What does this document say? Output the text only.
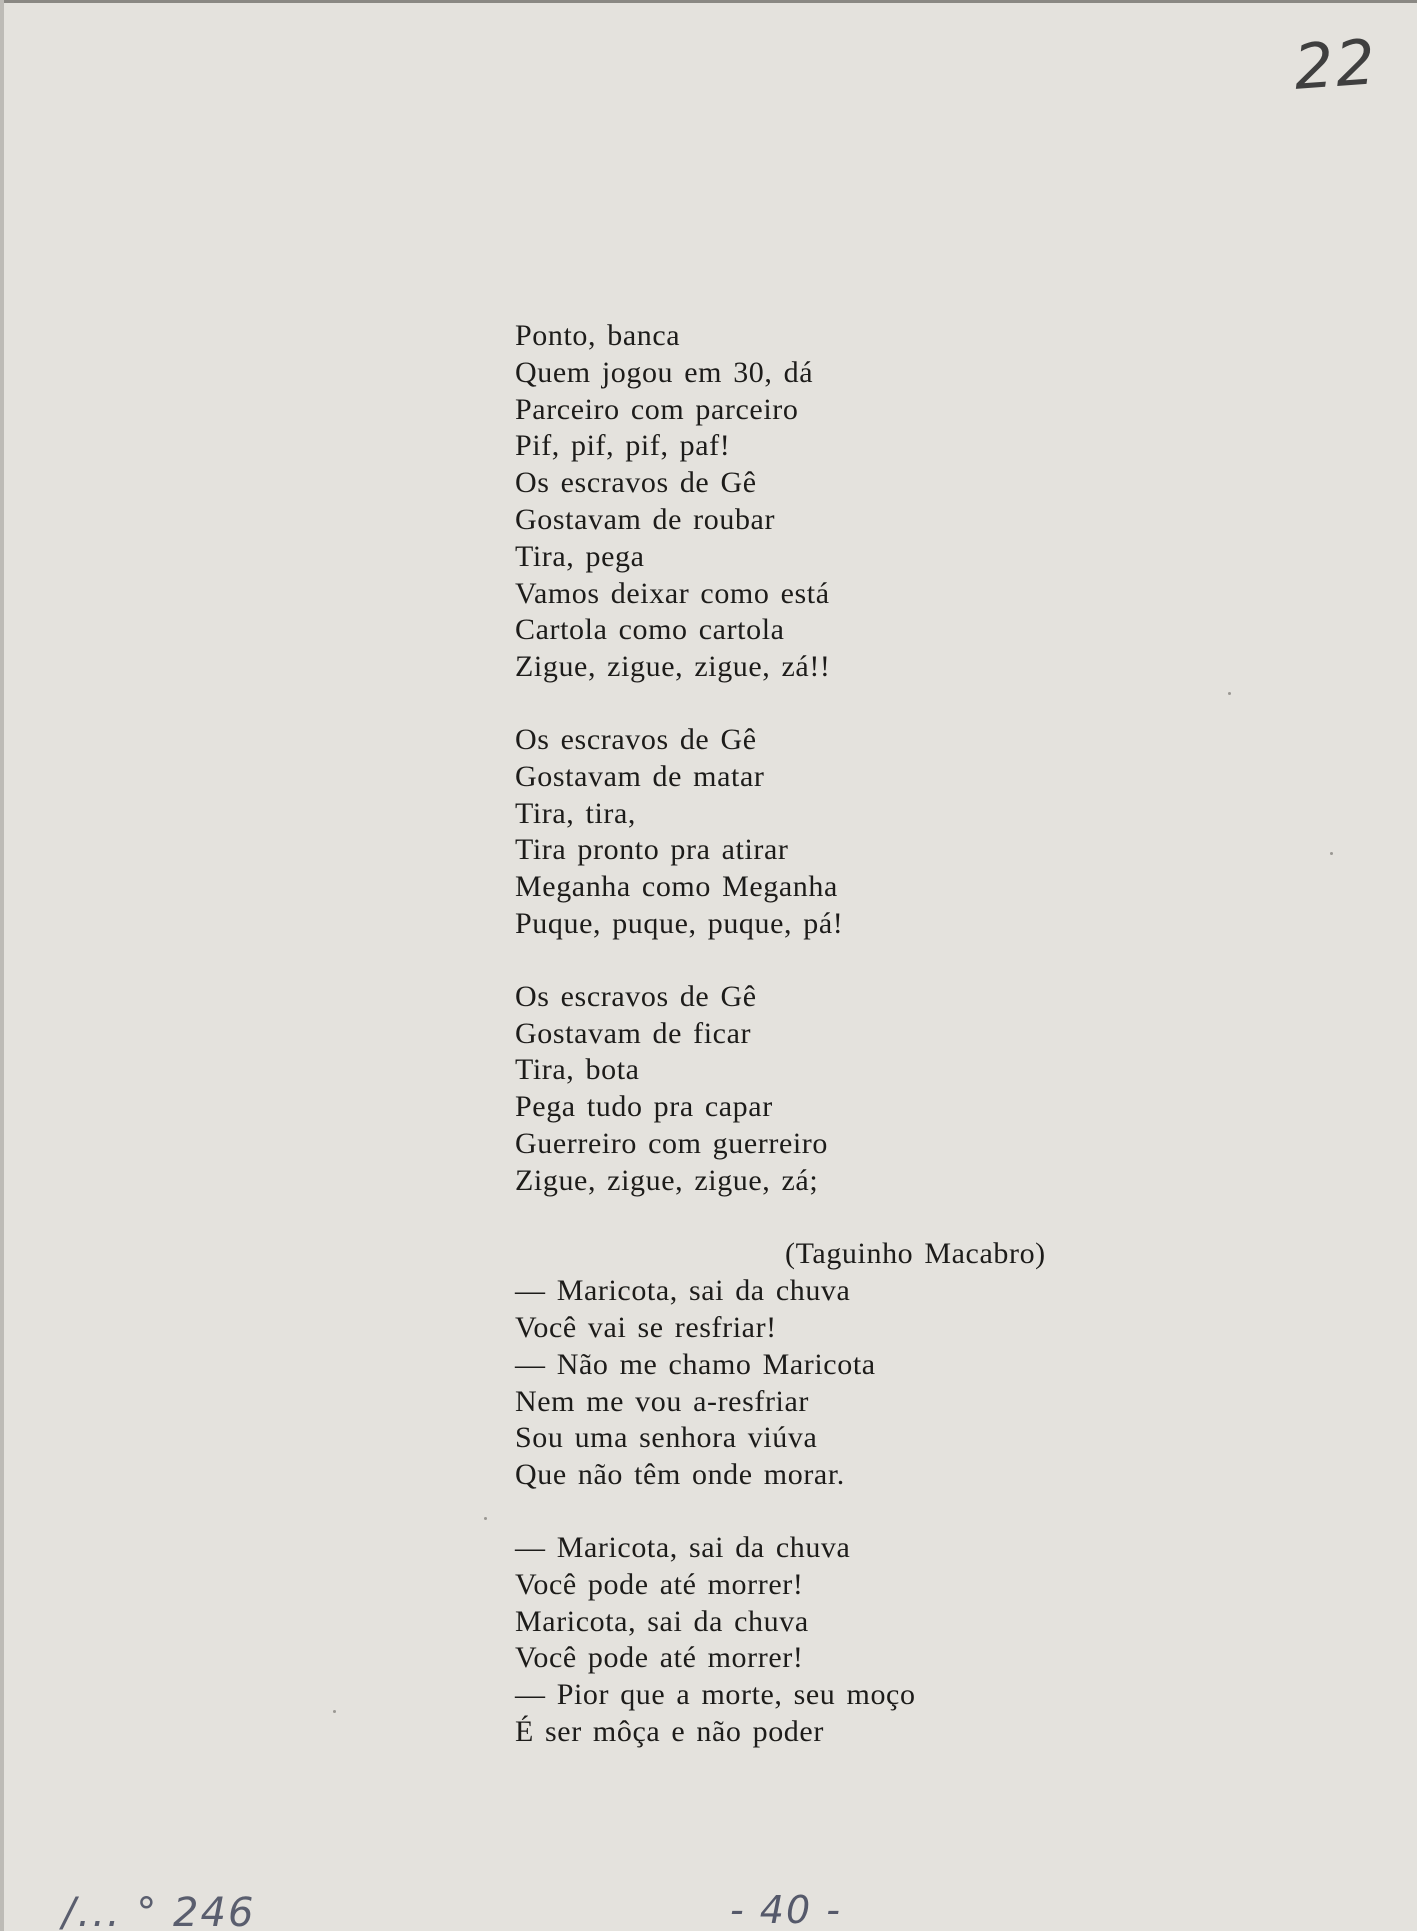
22
Ponto, banca
Quem jogou em 30, dá
Parceiro com parceiro
Pif, pif, pif, paf!
Os escravos de Gê
Gostavam de roubar
Tira, pega
Vamos deixar como está
Cartola como cartola
Zigue, zigue, zigue, zá!!
Os escravos de Gê
Gostavam de matar
Tira, tira,
Tira pronto pra atirar
Meganha como Meganha
Puque, puque, puque, pá!
Os escravos de Gê
Gostavam de ficar
Tira, bota
Pega tudo pra capar
Guerreiro com guerreiro
Zigue, zigue, zigue, zá;

(Taguinho Macabro)
— Maricota, sai da chuva
Você vai se resfriar!
— Não me chamo Maricota
Nem me vou a-resfriar
Sou uma senhora viúva
Que não têm onde morar.
— Maricota, sai da chuva
Você pode até morrer!
Maricota, sai da chuva
Você pode até morrer!
— Pior que a morte, seu moço
É ser môça e não poder
/... ° 246	- 40 -
